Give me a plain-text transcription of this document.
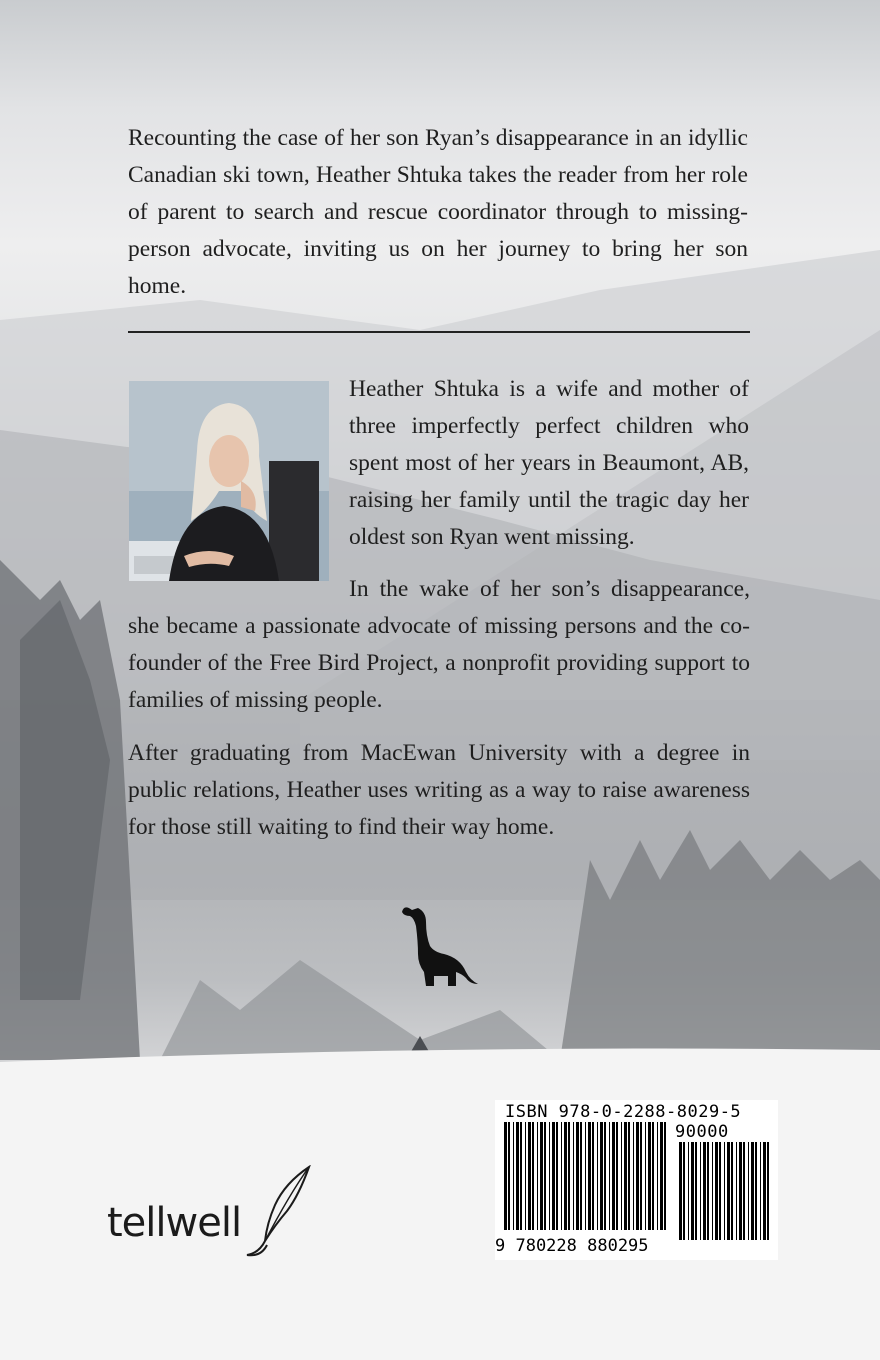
Recounting the case of her son Ryan’s disappearance in an idyllic Canadian ski town, Heather Shtuka takes the reader from her role of parent to search and rescue coordinator through to missing-person advocate, inviting us on her journey to bring her son home.

Heather Shtuka is a wife and mother of three imperfectly perfect children who spent most of her years in Beaumont, AB, raising her family until the tragic day her oldest son Ryan went missing.

In the wake of her son’s disappearance, she became a passionate advocate of missing persons and the co-founder of the Free Bird Project, a nonprofit providing support to families of missing people.

After graduating from MacEwan University with a degree in public relations, Heather uses writing as a way to raise awareness for those still waiting to find their way home.

tellwell
ISBN 978-0-2288-8029-5
90000
9 780228 880295
